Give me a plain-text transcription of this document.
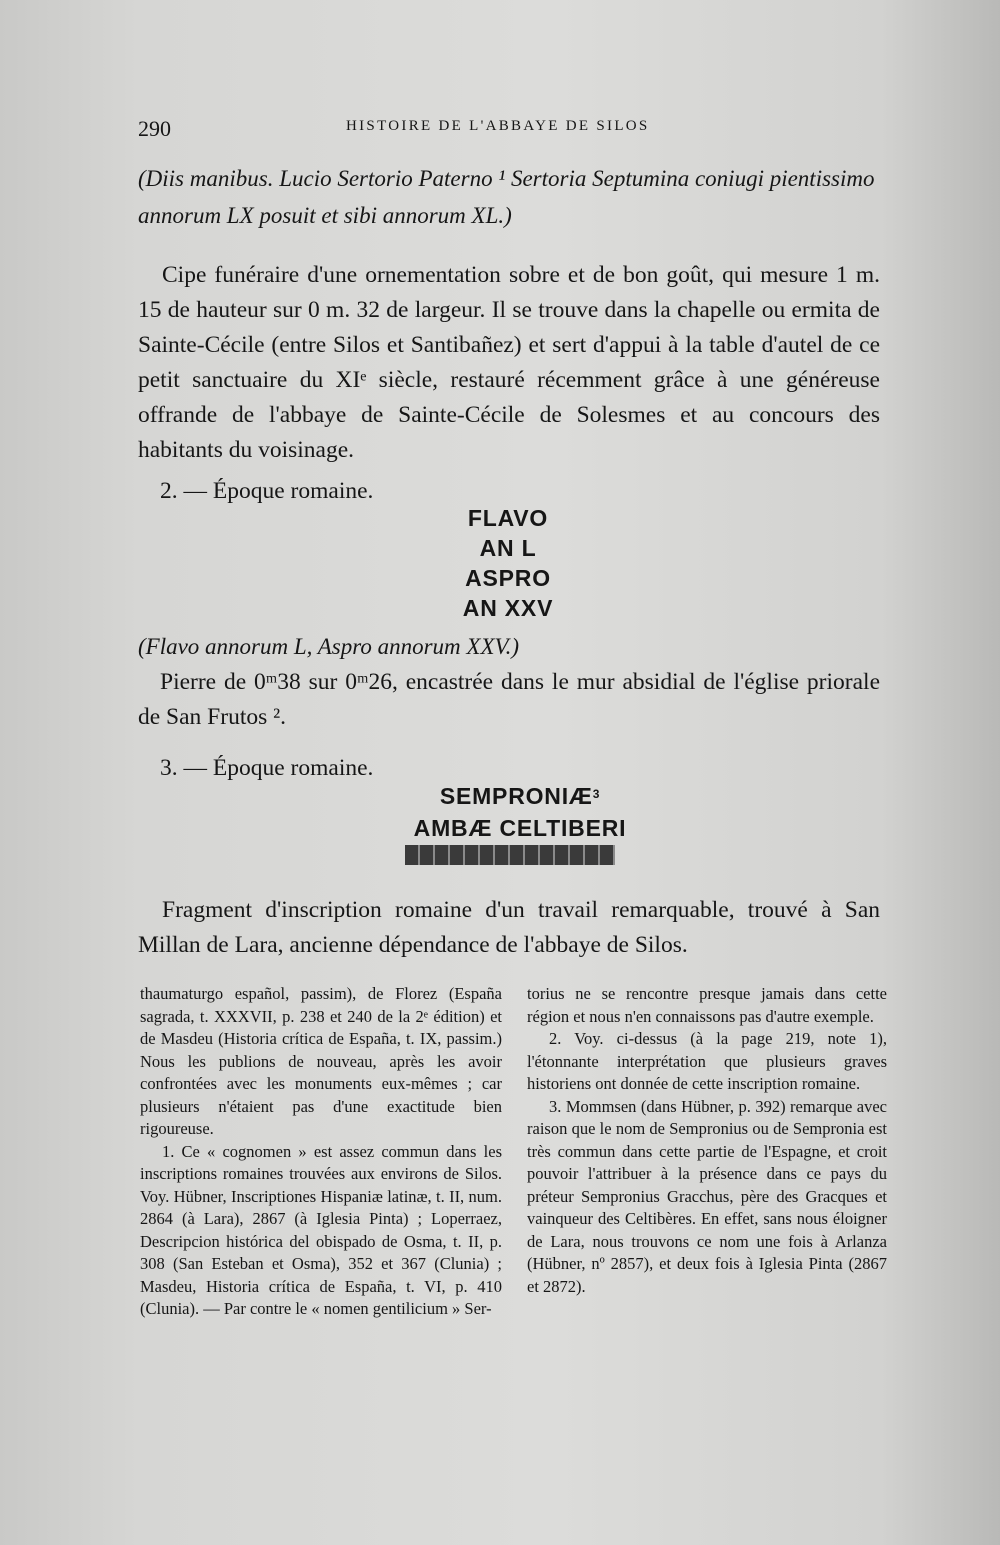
290	HISTOIRE DE L'ABBAYE DE SILOS
(Diis manibus. Lucio Sertorio Paterno ¹ Sertoria Septumina coniugi pientissimo annorum LX posuit et sibi annorum XL.)
Cipe funéraire d'une ornementation sobre et de bon goût, qui mesure 1 m. 15 de hauteur sur 0 m. 32 de largeur. Il se trouve dans la chapelle ou ermita de Sainte-Cécile (entre Silos et Santibañez) et sert d'appui à la table d'autel de ce petit sanctuaire du XIᵉ siècle, restauré récemment grâce à une généreuse offrande de l'abbaye de Sainte-Cécile de Solesmes et au concours des habitants du voisinage.
2. — Époque romaine.
FLAVO
AN L
ASPRO
AN XXV
(Flavo annorum L, Aspro annorum XXV.)
Pierre de 0ᵐ38 sur 0ᵐ26, encastrée dans le mur absidial de l'église priorale de San Frutos ².
3. — Époque romaine.
SEMPRONIÆ$^3$
AMBÆ CELTIBERI
Fragment d'inscription romaine d'un travail remarquable, trouvé à San Millan de Lara, ancienne dépendance de l'abbaye de Silos.

thaumaturgo español, passim), de Florez (España sagrada, t. XXXVII, p. 238 et 240 de la 2ᵉ édition) et de Masdeu (Historia crítica de España, t. IX, passim.) Nous les publions de nouveau, après les avoir confrontées avec les monuments eux-mêmes ; car plusieurs n'étaient pas d'une exactitude bien rigoureuse.

1. Ce « cognomen » est assez commun dans les inscriptions romaines trouvées aux environs de Silos. Voy. Hübner, Inscriptiones Hispaniæ latinæ, t. II, num. 2864 (à Lara), 2867 (à Iglesia Pinta) ; Loperraez, Descripcion histórica del obispado de Osma, t. II, p. 308 (San Esteban et Osma), 352 et 367 (Clunia) ; Masdeu, Historia crítica de España, t. VI, p. 410 (Clunia). — Par contre le « nomen gentilicium » Ser-

torius ne se rencontre presque jamais dans cette région et nous n'en connaissons pas d'autre exemple.

2. Voy. ci-dessus (à la page 219, note 1), l'étonnante interprétation que plusieurs graves historiens ont donnée de cette inscription romaine.

3. Mommsen (dans Hübner, p. 392) remarque avec raison que le nom de Sempronius ou de Sempronia est très commun dans cette partie de l'Espagne, et croit pouvoir l'attribuer à la présence dans ce pays du préteur Sempronius Gracchus, père des Gracques et vainqueur des Celtibères. En effet, sans nous éloigner de Lara, nous trouvons ce nom une fois à Arlanza (Hübner, nº 2857), et deux fois à Iglesia Pinta (2867 et 2872).
